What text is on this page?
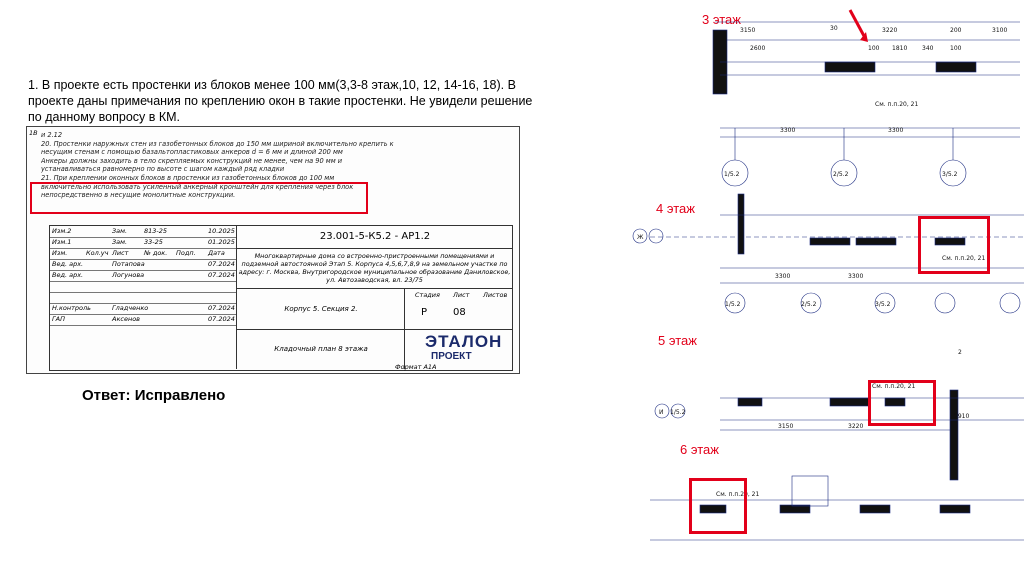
1. В проекте есть простенки из блоков менее 100 мм(3,3-8 этаж,10, 12, 14-16, 18). В проекте даны примечания по креплению окон в такие простенки. Не увидели решение по данному вопросу в КМ.
и 2.12
20. Простенки наружных стен из газобетонных блоков до 150 мм шириной включительно крепить к
несущим стенам с помощью базальтопластиковых анкеров d = 6 мм и длиной 200 мм
Анкеры должны заходить в тело скрепляемых конструкций не менее, чем на 90 мм и
устанавливаться равномерно по высоте с шагом каждый ряд кладки
21. При креплении оконных блоков в простенки из газобетонных блоков до 100 мм
включительно использовать усиленный анкерный кронштейн для крепления через блок
непосредственно в несущие монолитные конструкции.
1В
Изм.2	Зам.	813-25	10.2025
Изм.1	Зам.	33-25	01.2025
Изм.	Кол.уч Лист № док. Подп. Дата
Вед. арх.	Потапова	07.2024
Вед. арх.	Логунова	07.2024
Н.контроль	Гладченко	07.2024
ГАП	Аксенов	07.2024
23.001-5-К5.2 - АР1.2
Многоквартирные дома со встроенно-пристроенными помещениями и подземной автостоянкой Этап 5. Корпуса 4,5,6,7,8,9 на земельном участке по адресу: г. Москва, Внутригородское муниципальное образование Даниловское, ул. Автозаводская, вл. 23/75
Корпус 5. Секция 2.
Стадия Лист Листов
Р	08
Кладочный план 8 этажа	ЭТАЛОН
ПРОЕКТ
Формат А1А
Ответ: Исправлено
3 этаж
4 этаж
5 этаж
6 этаж
3150	30	3220	200	3100
2600	100 1810 340	100
См. п.п.20, 21
3300	3300
1/5.2	2/5.2	3/5.2
Ж
3300	3300
См. п.п.20, 21
1/5.2	2/5.2	3/5.2
И 1/5.2
3150	3220
2910
См. п.п.20, 21
См. п.п.20, 21
2
